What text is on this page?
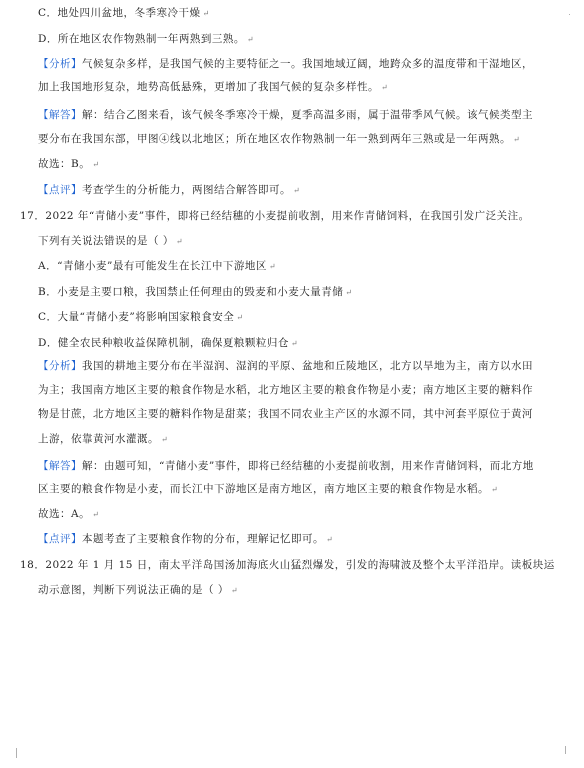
C．地处四川盆地，冬季寒冷干燥 ↵
D．所在地区农作物熟制一年两熟到三熟。 ↵
【分析】气候复杂多样，是我国气候的主要特征之一。我国地域辽阔，地跨众多的温度带和干湿地区，
加上我国地形复杂，地势高低悬殊，更增加了我国气候的复杂多样性。 ↵
【解答】解：结合乙图来看，该气候冬季寒冷干燥，夏季高温多雨，属于温带季风气候。该气候类型主
要分布在我国东部，甲图④线以北地区；所在地区农作物熟制一年一熟到两年三熟或是一年两熟。 ↵
故选：B。 ↵
【点评】考查学生的分析能力，两图结合解答即可。 ↵
17．2022 年“青储小麦”事件，即将已经结穗的小麦提前收割，用来作青储饲料，在我国引发广泛关注。
下列有关说法错误的是（ ） ↵
A．“青储小麦”最有可能发生在长江中下游地区 ↵
B．小麦是主要口粮，我国禁止任何理由的毁麦和小麦大量青储 ↵
C．大量“青储小麦”将影响国家粮食安全 ↵
D．健全农民种粮收益保障机制，确保夏粮颗粒归仓 ↵
【分析】我国的耕地主要分布在半湿润、湿润的平原、盆地和丘陵地区，北方以旱地为主，南方以水田
为主；我国南方地区主要的粮食作物是水稻，北方地区主要的粮食作物是小麦；南方地区主要的糖料作
物是甘蔗，北方地区主要的糖料作物是甜菜；我国不同农业主产区的水源不同，其中河套平原位于黄河
上游，依靠黄河水灌溉。 ↵
【解答】解：由题可知，“青储小麦”事件，即将已经结穗的小麦提前收割，用来作青储饲料，而北方地
区主要的粮食作物是小麦，而长江中下游地区是南方地区，南方地区主要的粮食作物是水稻。 ↵
故选：A。 ↵
【点评】本题考查了主要粮食作物的分布，理解记忆即可。 ↵
18．2022 年 1 月 15 日，南太平洋岛国汤加海底火山猛烈爆发，引发的海啸波及整个太平洋沿岸。读板块运
动示意图，判断下列说法正确的是（ ） ↵
